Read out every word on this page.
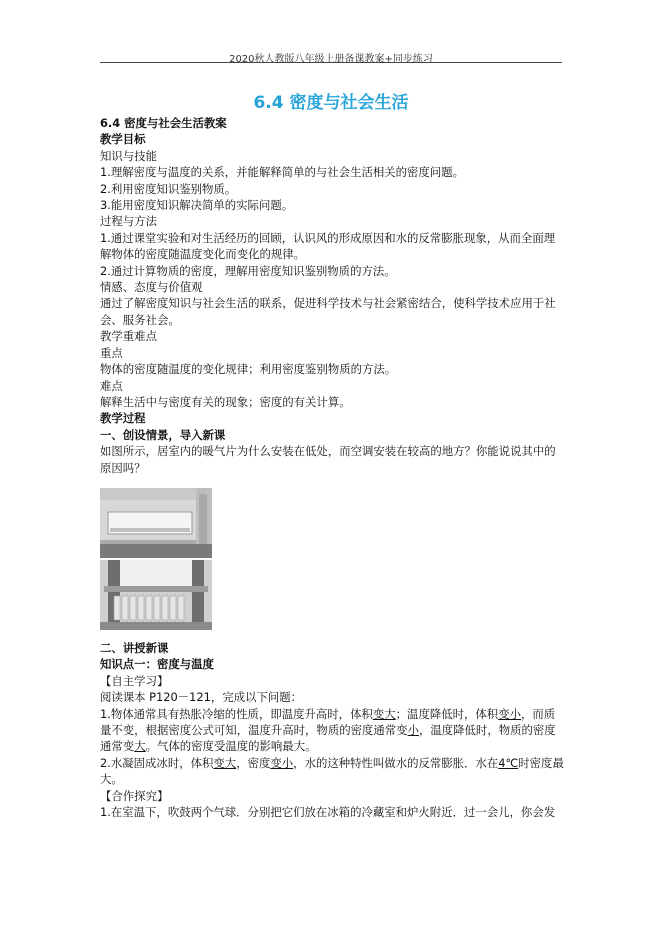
2020秋人教版八年级上册备课教案+同步练习
6.4 密度与社会生活

6.4 密度与社会生活教案

教学目标

知识与技能

1.理解密度与温度的关系，并能解释简单的与社会生活相关的密度问题。

2.利用密度知识鉴别物质。

3.能用密度知识解决简单的实际问题。

过程与方法

1.通过课堂实验和对生活经历的回顾，认识风的形成原因和水的反常膨胀现象，从而全面理解物体的密度随温度变化而变化的规律。

2.通过计算物质的密度，理解用密度知识鉴别物质的方法。

情感、态度与价值观

通过了解密度知识与社会生活的联系，促进科学技术与社会紧密结合，使科学技术应用于社会、服务社会。

教学重难点

重点

物体的密度随温度的变化规律；利用密度鉴别物质的方法。

难点

解释生活中与密度有关的现象；密度的有关计算。

教学过程

一、创设情景，导入新课

如图所示，居室内的暖气片为什么安装在低处，而空调安装在较高的地方？你能说说其中的原因吗？

二、讲授新课

知识点一：密度与温度

【自主学习】

阅读课本 P120－121，完成以下问题：

1.物体通常具有热胀冷缩的性质，即温度升高时，体积变大；温度降低时，体积变小，而质量不变，根据密度公式可知，温度升高时，物质的密度通常变小，温度降低时，物质的密度通常变大。气体的密度受温度的影响最大。

2.水凝固成冰时，体积变大，密度变小，水的这种特性叫做水的反常膨胀．水在4℃时密度最大。

【合作探究】

1.在室温下，吹鼓两个气球．分别把它们放在冰箱的冷藏室和炉火附近．过一会儿，你会发
